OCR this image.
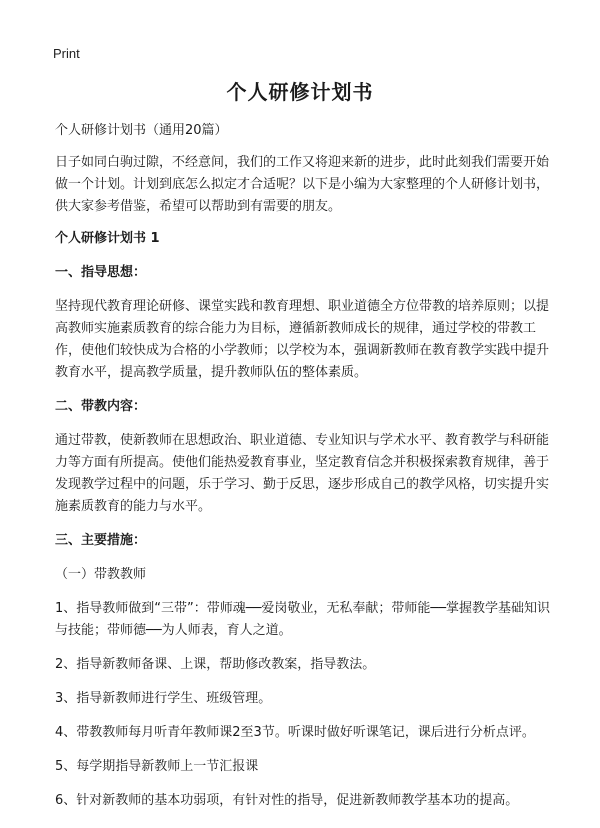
Print
个人研修计划书

个人研修计划书（通用20篇）

日子如同白驹过隙，不经意间，我们的工作又将迎来新的进步，此时此刻我们需要开始做一个计划。计划到底怎么拟定才合适呢？以下是小编为大家整理的个人研修计划书，供大家参考借鉴，希望可以帮助到有需要的朋友。

个人研修计划书 1

一、指导思想：

坚持现代教育理论研修、课堂实践和教育理想、职业道德全方位带教的培养原则；以提高教师实施素质教育的综合能力为目标，遵循新教师成长的规律，通过学校的带教工作，使他们较快成为合格的小学教师；以学校为本，强调新教师在教育教学实践中提升教育水平，提高教学质量，提升教师队伍的整体素质。

二、带教内容：

通过带教，使新教师在思想政治、职业道德、专业知识与学术水平、教育教学与科研能力等方面有所提高。使他们能热爱教育事业，坚定教育信念并积极探索教育规律，善于发现教学过程中的问题，乐于学习、勤于反思，逐步形成自己的教学风格，切实提升实施素质教育的能力与水平。

三、主要措施：

（一）带教教师

1、指导教师做到“三带”：带师魂──爱岗敬业，无私奉献；带师能──掌握教学基础知识与技能；带师德──为人师表，育人之道。

2、指导新教师备课、上课，帮助修改教案，指导教法。

3、指导新教师进行学生、班级管理。

4、带教教师每月听青年教师课2至3节。听课时做好听课笔记，课后进行分析点评。

5、每学期指导新教师上一节汇报课

6、针对新教师的基本功弱项，有针对性的指导，促进新教师教学基本功的提高。
